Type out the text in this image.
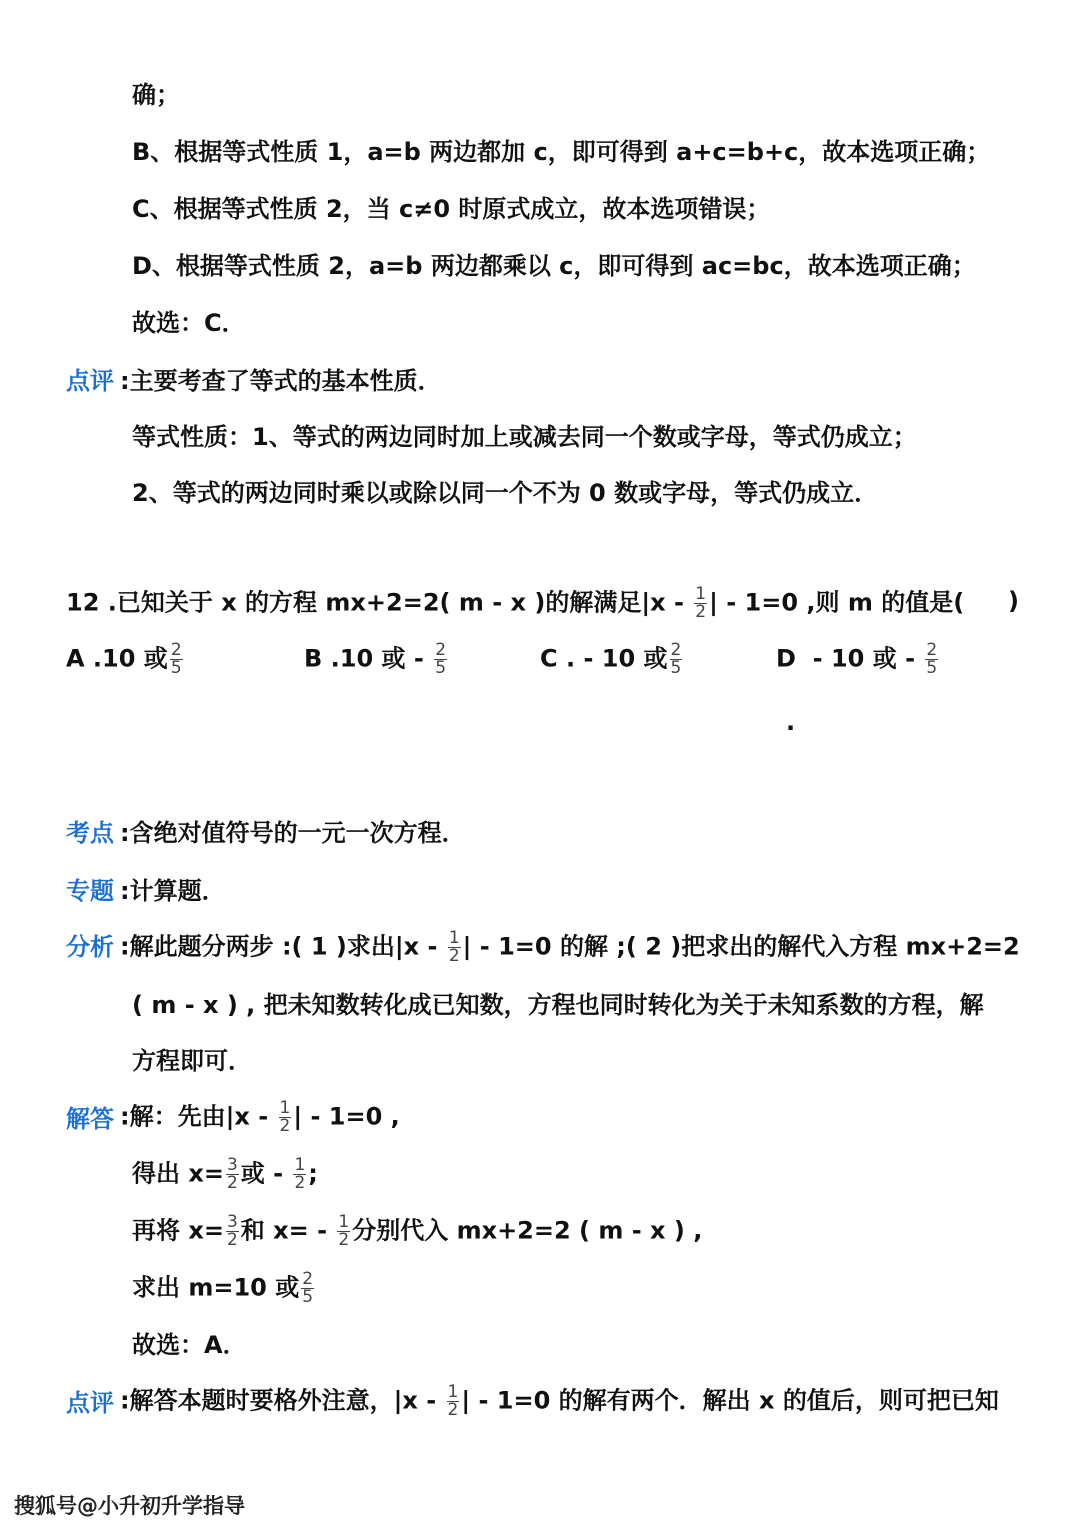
确；
B、根据等式性质 1，a=b 两边都加 c，即可得到 a+c=b+c，故本选项正确；
C、根据等式性质 2，当 c≠0 时原式成立，故本选项错误；
D、根据等式性质 2，a=b 两边都乘以 c，即可得到 ac=bc，故本选项正确；
故选：C．
点评 :主要考查了等式的基本性质．
等式性质：1、等式的两边同时加上或减去同一个数或字母，等式仍成立；
2、等式的两边同时乘以或除以同一个不为 0 数或字母，等式仍成立．
12 .已知关于 x 的方程 mx+2=2( m - x )的解满足$|x - \frac{1}{2}$ | - 1=0 ,则 m 的值是( )
A .10 或 $\frac{2}{5}$	B .10 或 - $\frac{2}{5}$	C . - 10 或 $\frac{2}{5}$	D - 10 或 - $\frac{2}{5}$
.
考点 :含绝对值符号的一元一次方程．
专题 :计算题．
分析 :解此题分两步 :( 1 )求出$|x - \frac{1}{2}$ | - 1=0 的解 ;( 2 )把求出的解代入方程 mx+2=2
( m - x ) , 把未知数转化成已知数，方程也同时转化为关于未知系数的方程，解
方程即可．
解答 :解：先由$|x - \frac{1}{2}$ | - 1=0 ,
得出 $x= \frac{3}{2}$ 或 - $\frac{1}{2}$ ;
再将 $x= \frac{3}{2}$ 和 $x= - \frac{1}{2}$ 分别代入 mx+2=2 ( m - x ) ,
求出 m=10 或 $\frac{2}{5}$
故选：A．
点评 :解答本题时要格外注意，$|x - \frac{1}{2}$ | - 1=0 的解有两个．解出 x 的值后，则可把已知
搜狐号@小升初升学指导
